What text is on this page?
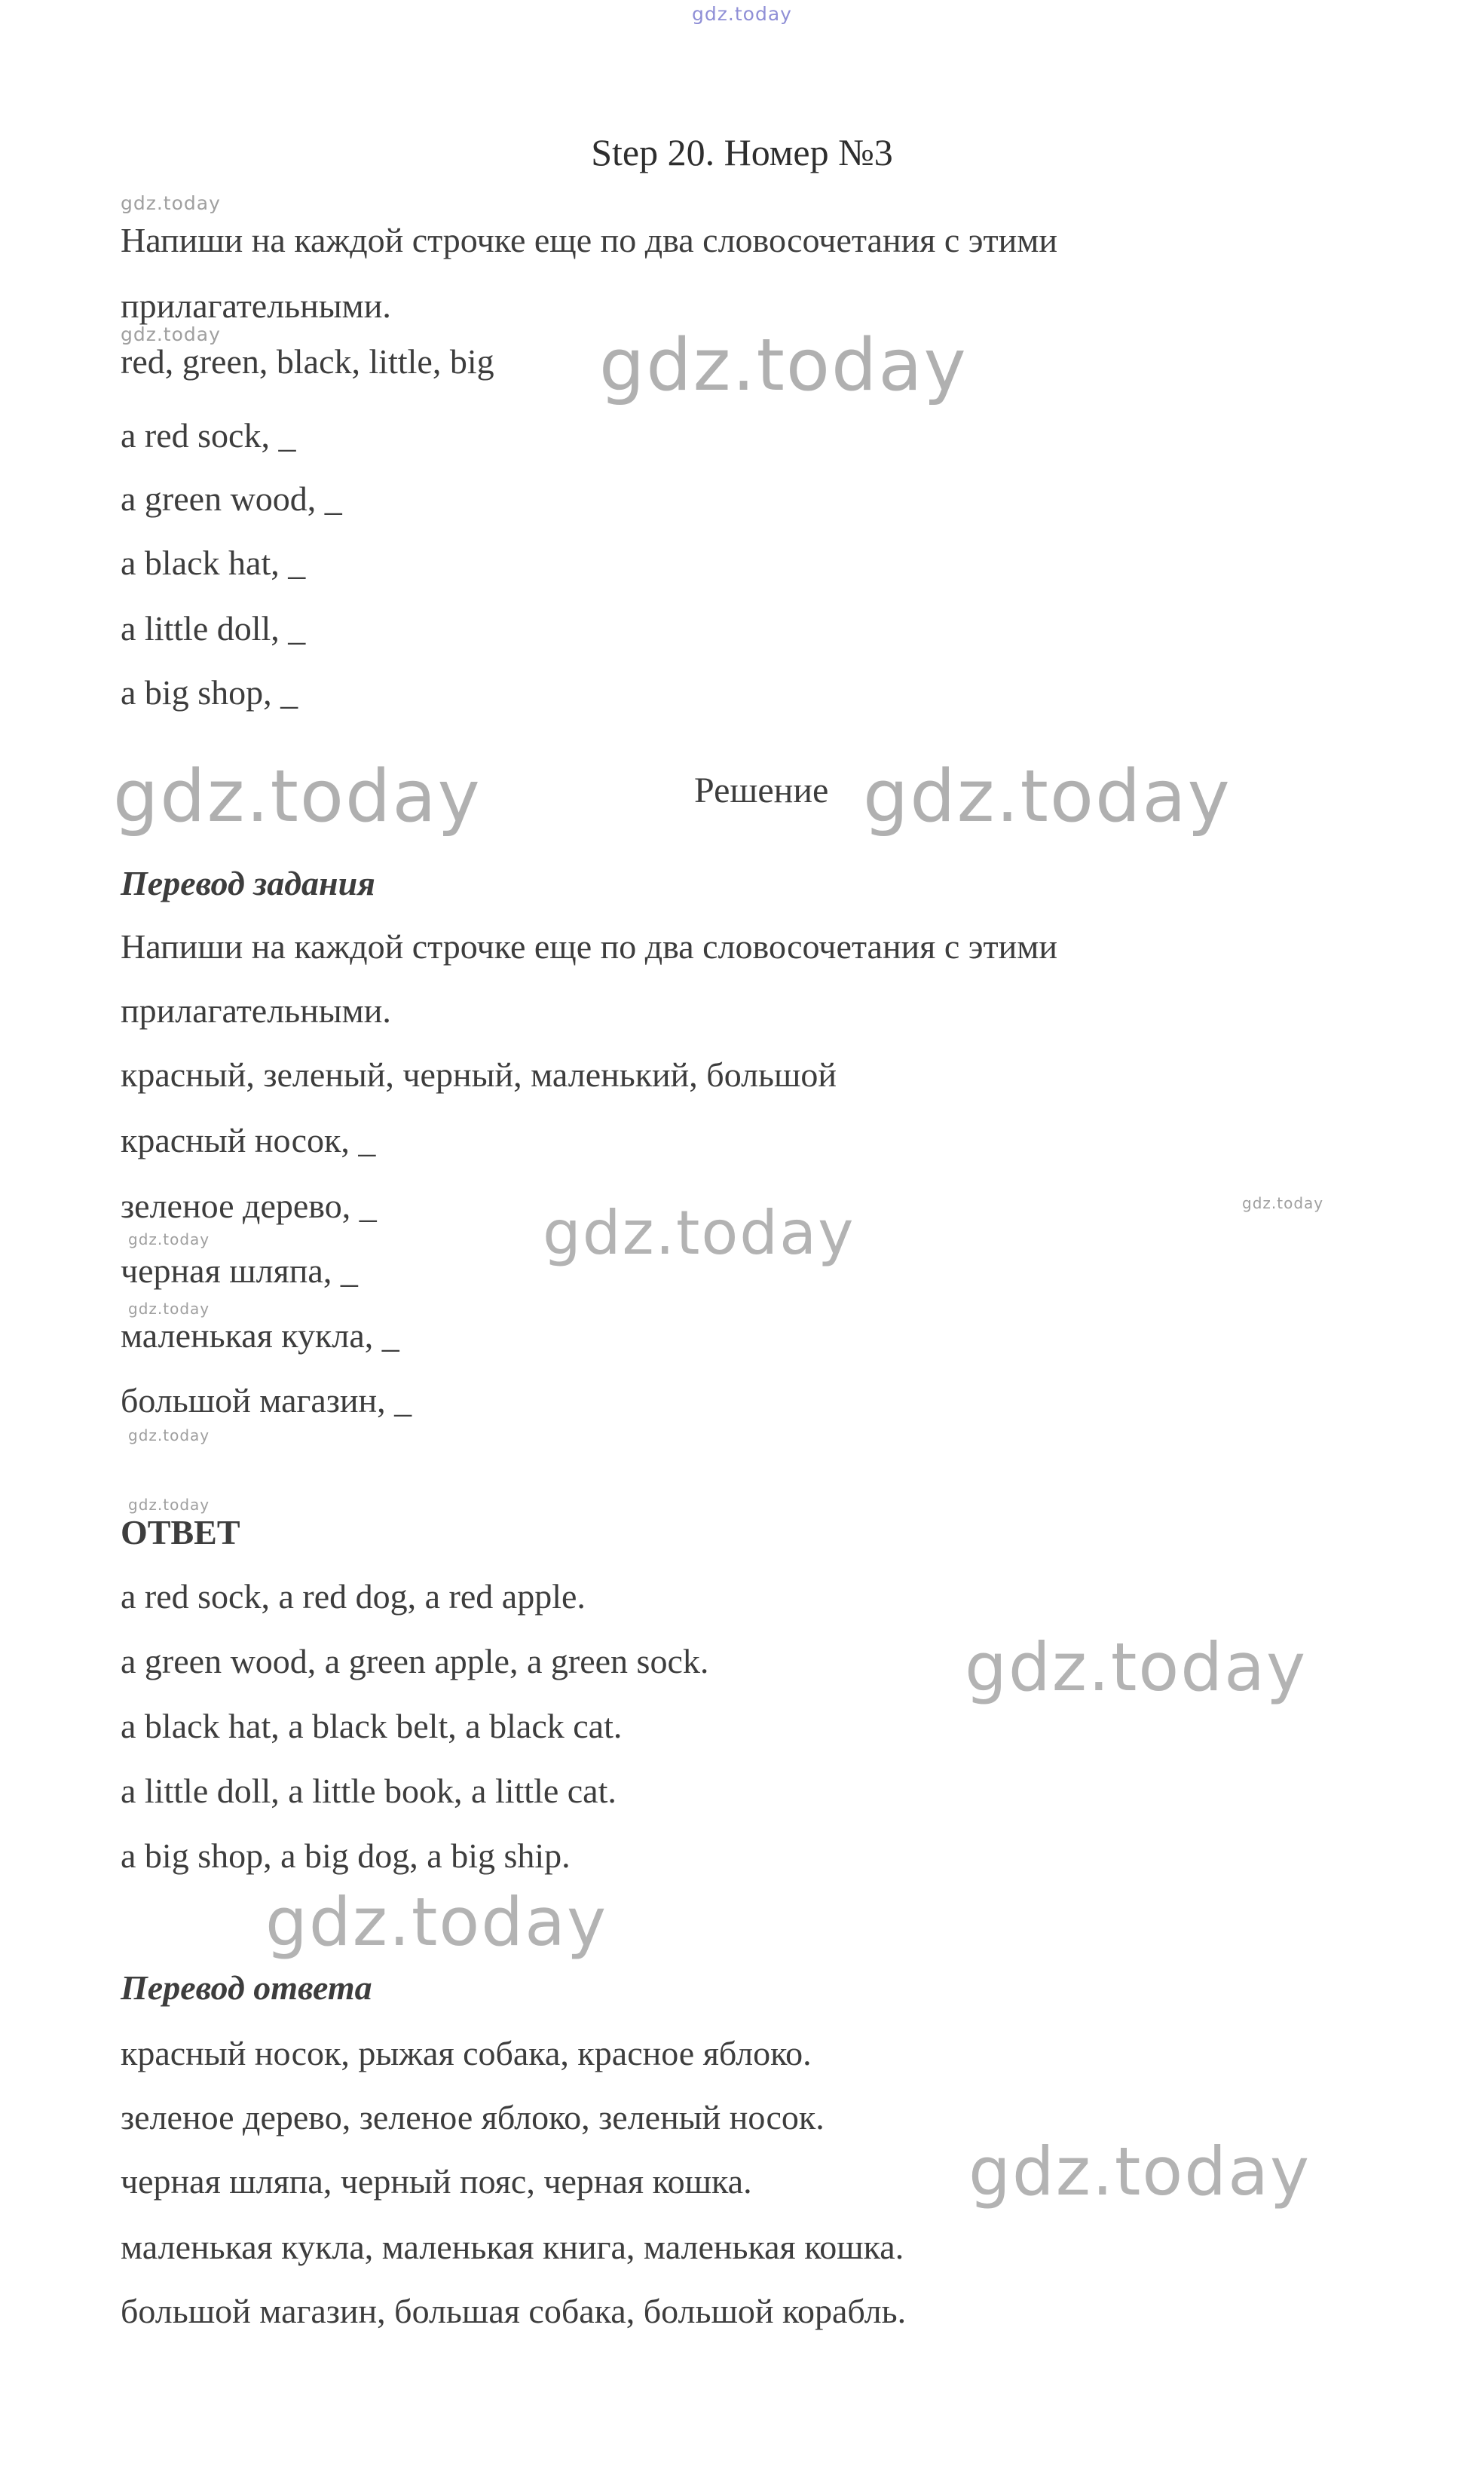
gdz.today
Step 20. Номер №3
gdz.today
Напиши на каждой строчке еще по два словосочетания с этими
прилагательными.
gdz.today
red, green, black, little, big gdz.today
a red sock, _
a green wood, _
a black hat, _
a little doll, _
a big shop, _
gdz.today	Решение gdz.today
Перевод задания
Напиши на каждой строчке еще по два словосочетания с этими
прилагательными.
красный, зеленый, черный, маленький, большой
красный носок, _
зеленое дерево, _	gdz.today	gdz.today
gdz.today
черная шляпа, _
gdz.today
маленькая кукла, _
большой магазин, _
gdz.today
gdz.today
ОТВЕТ
a red sock, a red dog, a red apple.
a green wood, a green apple, a green sock.	gdz.today
a black hat, a black belt, a black cat.
a little doll, a little book, a little cat.
a big shop, a big dog, a big ship.
gdz.today
Перевод ответа
красный носок, рыжая собака, красное яблоко.
зеленое дерево, зеленое яблоко, зеленый носок.
черная шляпа, черный пояс, черная кошка.	gdz.today
маленькая кукла, маленькая книга, маленькая кошка.
большой магазин, большая собака, большой корабль.
